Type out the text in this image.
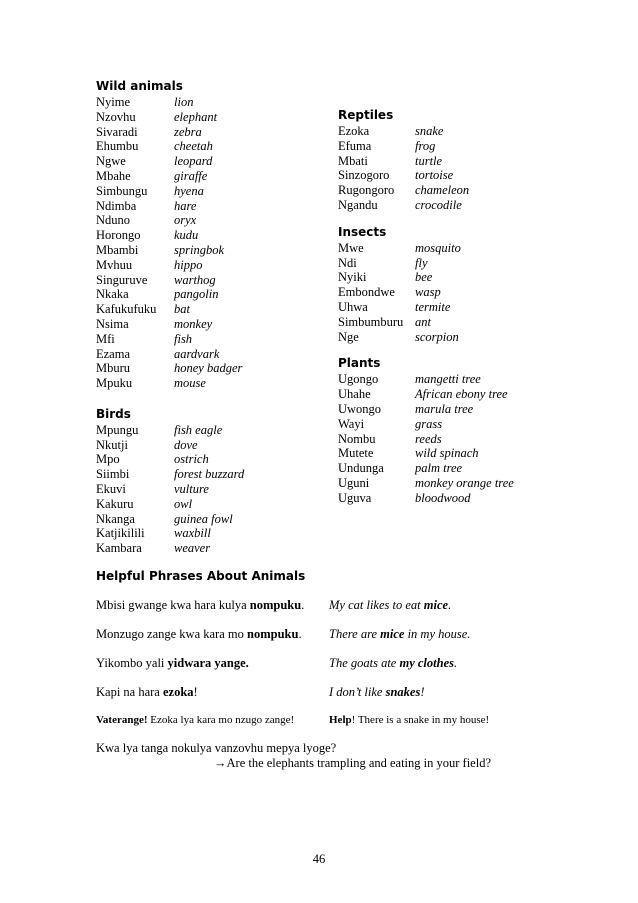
Wild animals
Nyime	lion
Nzovhu	elephant
Sivaradi	zebra
Ehumbu	cheetah
Ngwe	leopard
Mbahe	giraffe
Simbungu hyena
Ndimba	hare
Nduno	oryx
Horongo	kudu
Mbambi	springbok
Mvhuu	hippo
Singuruve warthog
Nkaka	pangolin
Kafukufuku bat
Nsima	monkey
Mfi	fish
Ezama	aardvark
Mburu	honey badger
Mpuku	mouse
Birds
Mpungu	fish eagle
Nkutji	dove
Mpo	ostrich
Siimbi	forest buzzard
Ekuvi	vulture
Kakuru	owl
Nkanga	guinea fowl
Katjikilili waxbill
Kambara	weaver
Reptiles
Ezoka	snake
Efuma	frog
Mbati	turtle
Sinzogoro tortoise
Rugongoro chameleon
Ngandu	crocodile
Insects
Mwe	mosquito
Ndi	fly
Nyiki	bee
Embondwe wasp
Uhwa	termite
Simbumburu ant
Nge	scorpion
Plants
Ugongo	mangetti tree
Uhahe	African ebony tree
Uwongo	marula tree
Wayi	grass
Nombu	reeds
Mutete	wild spinach
Undunga palm tree
Uguni	monkey orange tree
Uguva	bloodwood
Helpful Phrases About Animals
Mbisi gwange kwa hara kulya nompuku. My cat likes to eat mice.
Monzugo zange kwa kara mo nompuku. There are mice in my house.
Yikombo yali yidwara yange.	The goats ate my clothes.
Kapi na hara ezoka!	I don’t like snakes!
Vaterange! Ezoka lya kara mo nzugo zange!	Help! There is a snake in my house!
Kwa lya tanga nokulya vanzovhu mepya lyoge?
→Are the elephants trampling and eating in your field?
46
